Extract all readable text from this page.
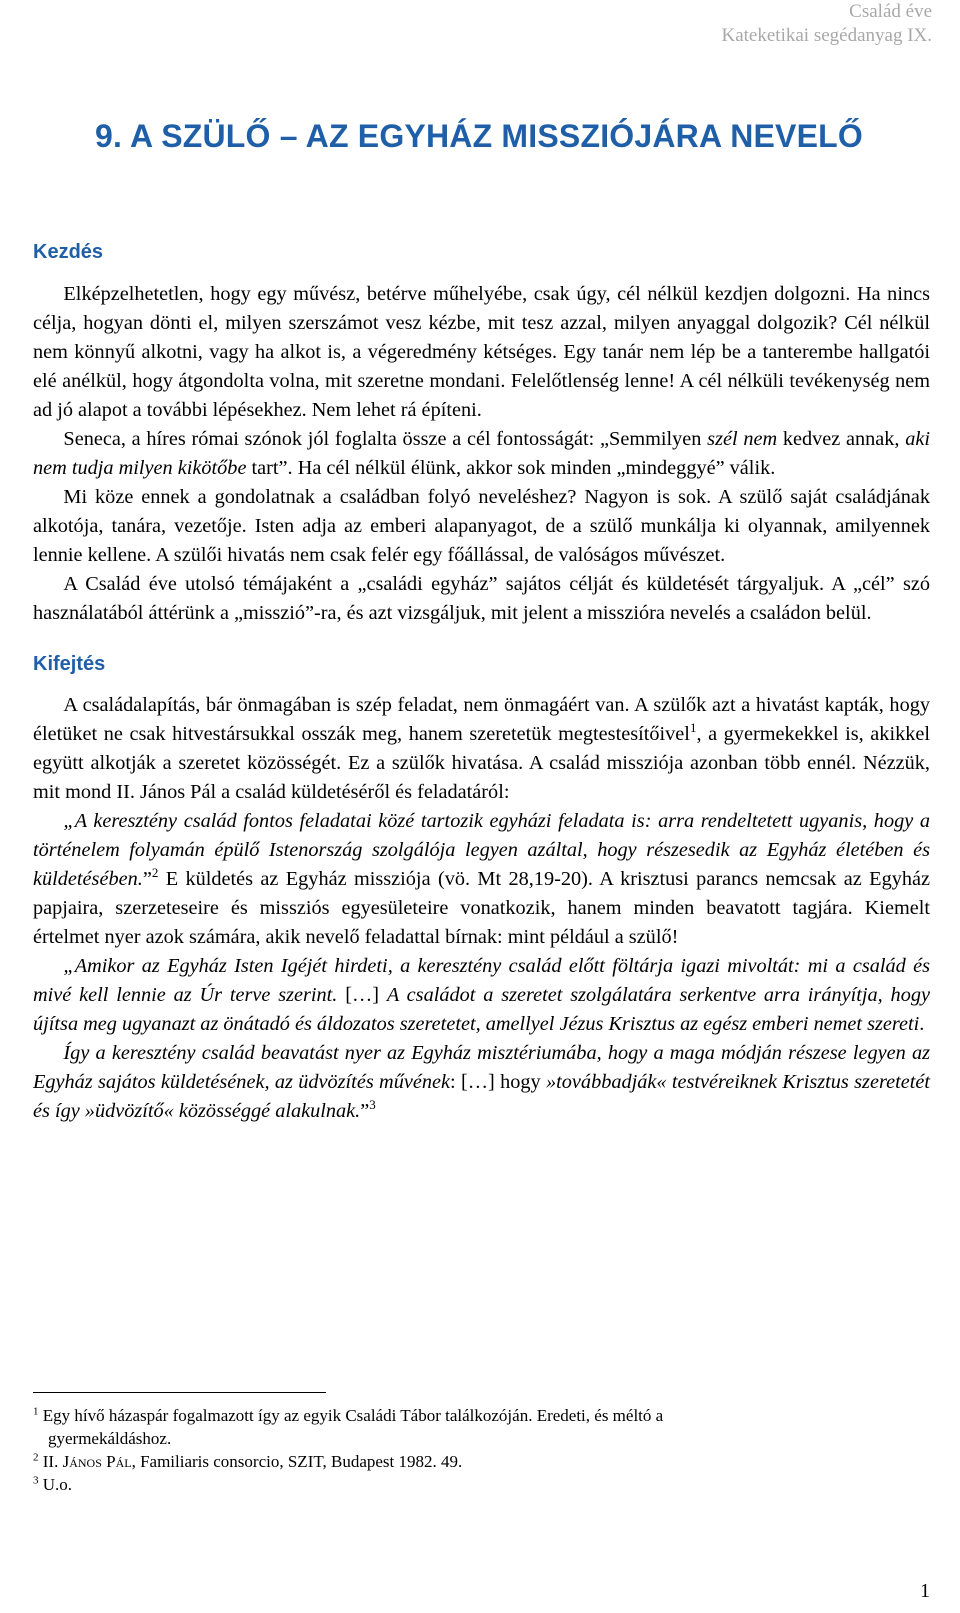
Család éve
Kateketikai segédanyag IX.
9. A SZÜLŐ – AZ EGYHÁZ MISSZIÓJÁRA NEVELŐ
Kezdés

   Elképzelhetetlen, hogy egy művész, betérve műhelyébe, csak úgy, cél nélkül kezdjen dolgozni. Ha nincs célja, hogyan dönti el, milyen szerszámot vesz kézbe, mit tesz azzal, milyen anyaggal dolgozik? Cél nélkül nem könnyű alkotni, vagy ha alkot is, a végeredmény kétséges. Egy tanár nem lép be a tanterembe hallgatói elé anélkül, hogy átgondolta volna, mit szeretne mondani. Felelőtlenség lenne! A cél nélküli tevékenység nem ad jó alapot a további lépésekhez. Nem lehet rá építeni.

   Seneca, a híres római szónok jól foglalta össze a cél fontosságát: „Semmilyen szél nem kedvez annak, aki nem tudja milyen kikötőbe tart”. Ha cél nélkül élünk, akkor sok minden „mindeggyé” válik.

   Mi köze ennek a gondolatnak a családban folyó neveléshez? Nagyon is sok. A szülő saját családjának alkotója, tanára, vezetője. Isten adja az emberi alapanyagot, de a szülő munkálja ki olyannak, amilyennek lennie kellene. A szülői hivatás nem csak felér egy főállással, de valóságos művészet.

   A Család éve utolsó témájaként a „családi egyház” sajátos célját és küldetését tárgyaljuk. A „cél” szó használatából áttérünk a „misszió”-ra, és azt vizsgáljuk, mit jelent a misszióra nevelés a családon belül.

Kifejtés

   A családalapítás, bár önmagában is szép feladat, nem önmagáért van. A szülők azt a hivatást kapták, hogy életüket ne csak hitvestársukkal osszák meg, hanem szeretetük megtestesítőivel$^1$, a gyermekekkel is, akikkel együtt alkotják a szeretet közösségét. Ez a szülők hivatása. A család missziója azonban több ennél. Nézzük, mit mond II. János Pál a család küldetéséről és feladatáról:

   „A keresztény család fontos feladatai közé tartozik egyházi feladata is: arra rendeltetett ugyanis, hogy a történelem folyamán épülő Istenország szolgálója legyen azáltal, hogy részesedik az Egyház életében és küldetésében.”$^2$ E küldetés az Egyház missziója (vö. Mt 28,19-20). A krisztusi parancs nemcsak az Egyház papjaira, szerzeteseire és missziós egyesületeire vonatkozik, hanem minden beavatott tagjára. Kiemelt értelmet nyer azok számára, akik nevelő feladattal bírnak: mint például a szülő!

   „Amikor az Egyház Isten Igéjét hirdeti, a keresztény család előtt föltárja igazi mivoltát: mi a család és mivé kell lennie az Úr terve szerint. […] A családot a szeretet szolgálatára serkentve arra irányítja, hogy újítsa meg ugyanazt az önátadó és áldozatos szeretetet, amellyel Jézus Krisztus az egész emberi nemet szereti.

   Így a keresztény család beavatást nyer az Egyház misztériumába, hogy a maga módján részese legyen az Egyház sajátos küldetésének, az üdvözítés művének: […] hogy »továbbadják« testvéreiknek Krisztus szeretetét és így »üdvözítő« közösséggé alakulnak.”$^3$

$^1$ Egy hívő házaspár fogalmazott így az egyik Családi Tábor találkozóján. Eredeti, és méltó a
gyermekáldáshoz.
$^2$ II. János Pál, Familiaris consorcio, SZIT, Budapest 1982. 49.
$^3$ U.o.
1
